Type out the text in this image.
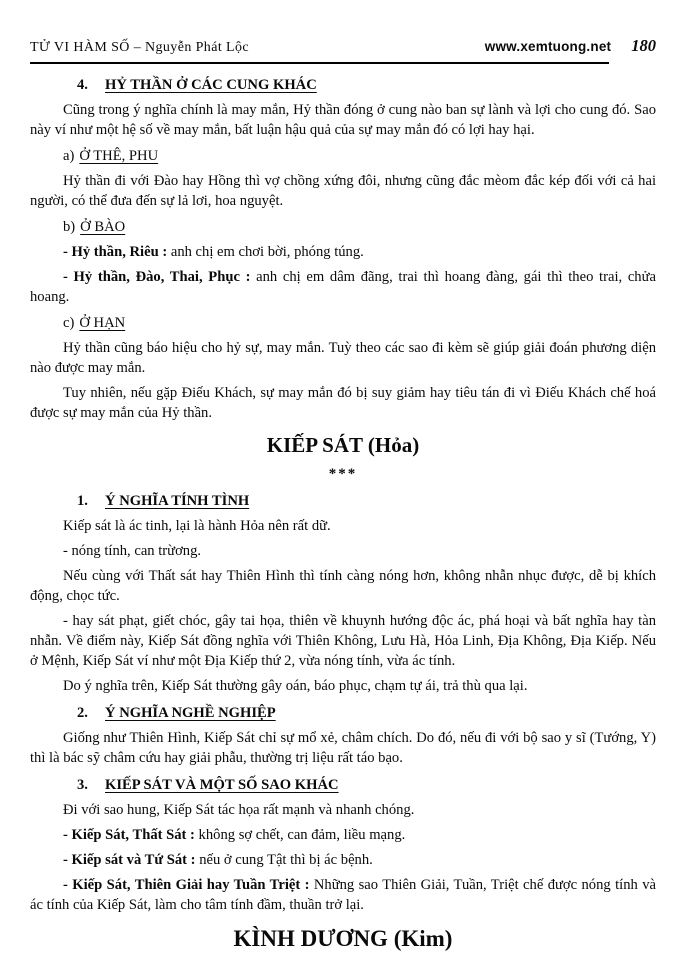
TỬ VI HÀM SỐ – Nguyễn Phát Lộc	www.xemtuong.net 180

4. HỶ THẦN Ở CÁC CUNG KHÁC

Cũng trong ý nghĩa chính là may mắn, Hỷ thần đóng ở cung nào ban sự lành và lợi cho cung đó. Sao này ví như một hệ số về may mắn, bất luận hậu quả của sự may mắn đó có lợi hay hại.

a) Ở THÊ, PHU

Hỷ thần đi với Đào hay Hồng thì vợ chồng xứng đôi, nhưng cũng đắc mèom đắc kép đối với cả hai người, có thể đưa đến sự lả lơi, hoa nguyệt.

b) Ở BÀO

- Hỷ thần, Riêu : anh chị em chơi bời, phóng túng.

- Hỷ thần, Đào, Thai, Phục : anh chị em dâm đãng, trai thì hoang đàng, gái thì theo trai, chửa hoang.

c) Ở HẠN

Hỷ thần cũng báo hiệu cho hỷ sự, may mắn. Tuỳ theo các sao đi kèm sẽ giúp giải đoán phương diện nào được may mắn.

Tuy nhiên, nếu gặp Điếu Khách, sự may mắn đó bị suy giảm hay tiêu tán đi vì Điếu Khách chế hoá được sự may mắn của Hỷ thần.

KIẾP SÁT (Hỏa)

***

1. Ý NGHĨA TÍNH TÌNH

Kiếp sát là ác tinh, lại là hành Hỏa nên rất dữ.

- nóng tính, can trừơng.

Nếu cùng với Thất sát hay Thiên Hình thì tính càng nóng hơn, không nhẫn nhục được, dễ bị khích động, chọc tức.

- hay sát phạt, giết chóc, gây tai họa, thiên về khuynh hướng độc ác, phá hoại và bất nghĩa hay tàn nhẫn. Về điểm này, Kiếp Sát đồng nghĩa với Thiên Không, Lưu Hà, Hỏa Linh, Địa Không, Địa Kiếp. Nếu ở Mệnh, Kiếp Sát ví như một Địa Kiếp thứ 2, vừa nóng tính, vừa ác tính.

Do ý nghĩa trên, Kiếp Sát thường gây oán, báo phục, chạm tự ái, trả thù qua lại.

2. Ý NGHĨA NGHỀ NGHIỆP

Giống như Thiên Hình, Kiếp Sát chỉ sự mổ xẻ, châm chích. Do đó, nếu đi với bộ sao y sĩ (Tướng, Y) thì là bác sỹ châm cứu hay giải phẫu, thường trị liệu rất táo bạo.

3. KIẾP SÁT VÀ MỘT SỐ SAO KHÁC

Đi với sao hung, Kiếp Sát tác họa rất mạnh và nhanh chóng.

- Kiếp Sát, Thất Sát : không sợ chết, can đảm, liều mạng.

- Kiếp sát và Tứ Sát : nếu ở cung Tật thì bị ác bệnh.

- Kiếp Sát, Thiên Giải hay Tuần Triệt : Những sao Thiên Giải, Tuần, Triệt chế được nóng tính và ác tính của Kiếp Sát, làm cho tâm tính đầm, thuần trở lại.

KÌNH DƯƠNG (Kim)
